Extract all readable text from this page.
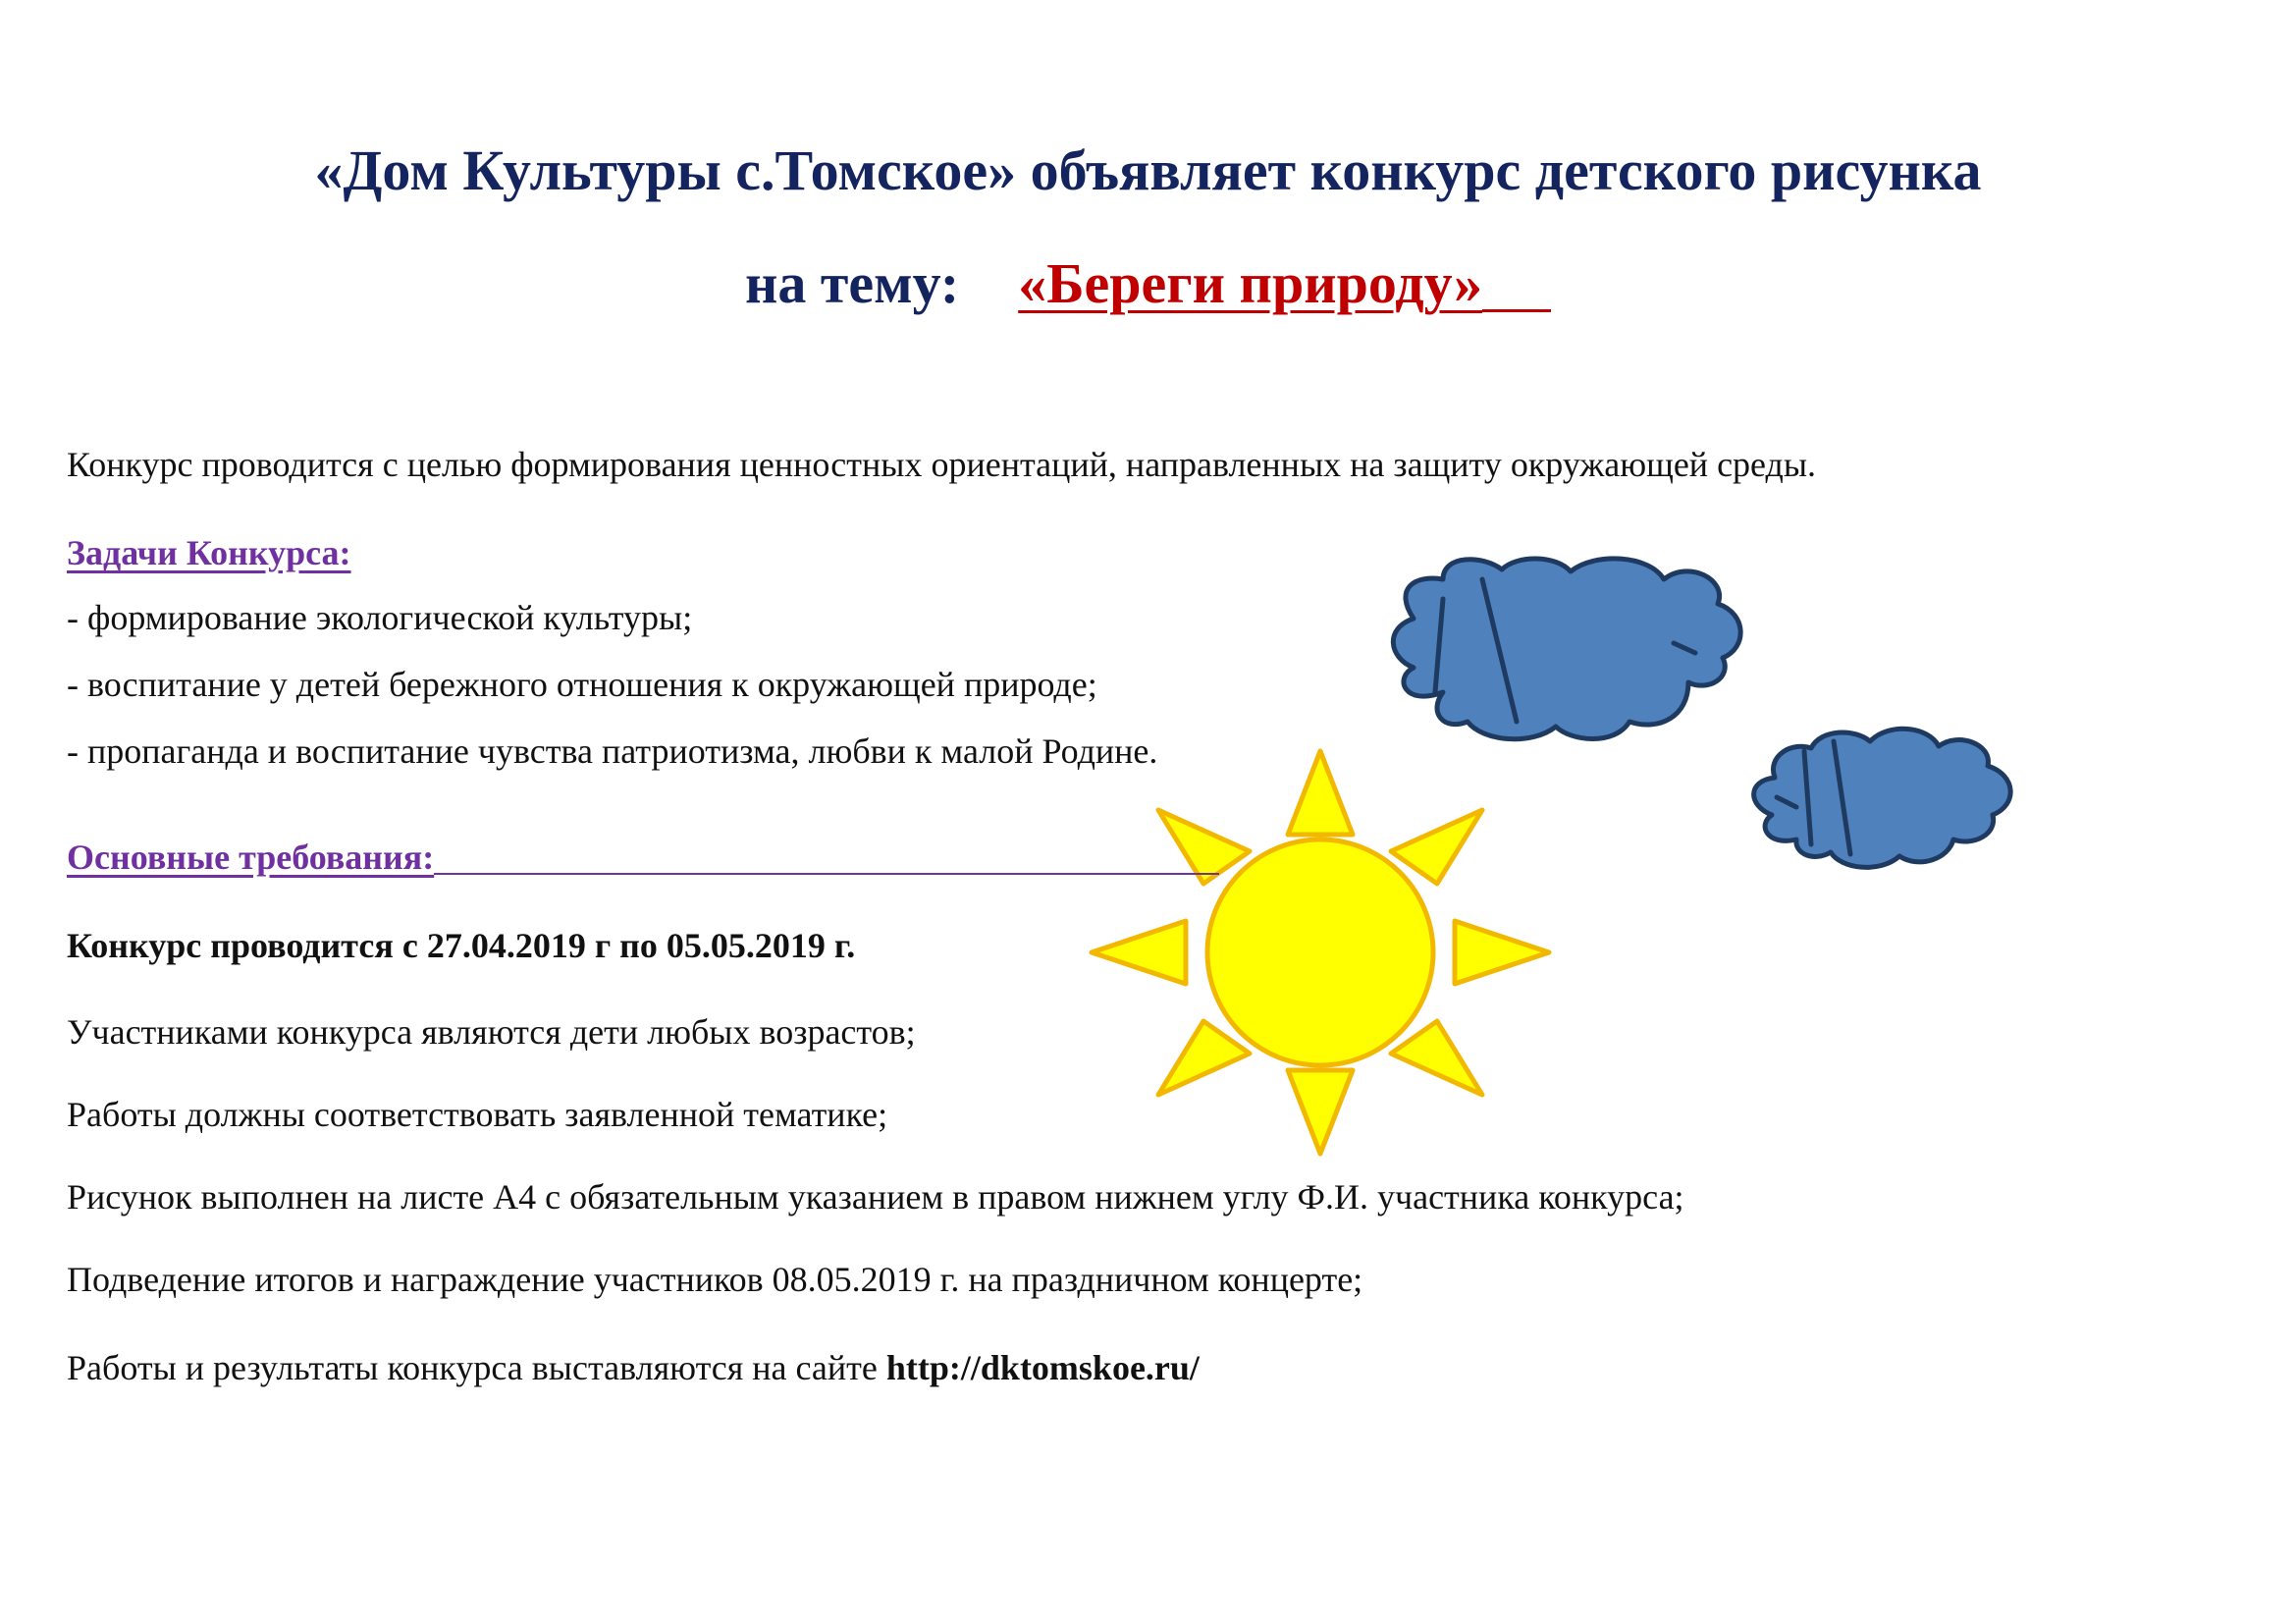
«Дом Культуры с.Томское» объявляет конкурс детского рисунка

на тему: «Береги природу»

Конкурс проводится с целью формирования ценностных ориентаций, направленных на защиту окружающей среды.

Задачи Конкурса:

- формирование экологической культуры;

- воспитание у детей бережного отношения к окружающей природе;

- пропаганда и воспитание чувства патриотизма, любви к малой Родине.

Основные требования:

Конкурс проводится с 27.04.2019 г по 05.05.2019 г.

Участниками конкурса являются дети любых возрастов;

Работы должны соответствовать заявленной тематике;

Рисунок выполнен на листе А4 с обязательным указанием в правом нижнем углу Ф.И. участника конкурса;

Подведение итогов и награждение участников 08.05.2019 г. на праздничном концерте;

Работы и результаты конкурса выставляются на сайте http://dktomskoe.ru/
